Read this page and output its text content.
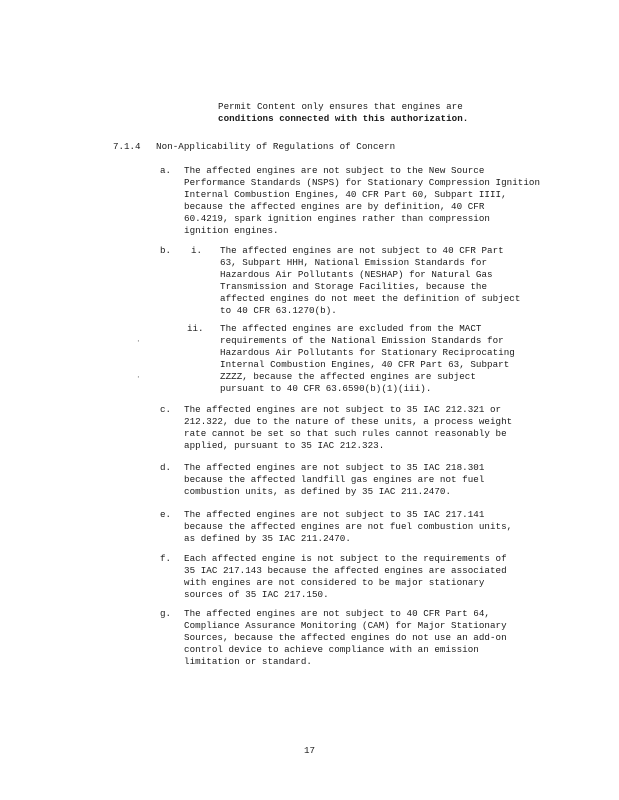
Permit Content only ensures that engines are
conditions connected with this authorization.
7.1.4 Non-Applicability of Regulations of Concern
a. The affected engines are not subject to the New Source
Performance Standards (NSPS) for Stationary Compression Ignition
Internal Combustion Engines, 40 CFR Part 60, Subpart IIII,
because the affected engines are by definition, 40 CFR
60.4219, spark ignition engines rather than compression
ignition engines.
b. i. The affected engines are not subject to 40 CFR Part
63, Subpart HHH, National Emission Standards for
Hazardous Air Pollutants (NESHAP) for Natural Gas
Transmission and Storage Facilities, because the
affected engines do not meet the definition of subject
to 40 CFR 63.1270(b).
ii. The affected engines are excluded from the MACT
requirements of the National Emission Standards for
Hazardous Air Pollutants for Stationary Reciprocating
Internal Combustion Engines, 40 CFR Part 63, Subpart
ZZZZ, because the affected engines are subject
pursuant to 40 CFR 63.6590(b)(1)(iii).
c. The affected engines are not subject to 35 IAC 212.321 or
212.322, due to the nature of these units, a process weight
rate cannot be set so that such rules cannot reasonably be
applied, pursuant to 35 IAC 212.323.
d. The affected engines are not subject to 35 IAC 218.301
because the affected landfill gas engines are not fuel
combustion units, as defined by 35 IAC 211.2470.
e. The affected engines are not subject to 35 IAC 217.141
because the affected engines are not fuel combustion units,
as defined by 35 IAC 211.2470.
f. Each affected engine is not subject to the requirements of
35 IAC 217.143 because the affected engines are associated
with engines are not considered to be major stationary
sources of 35 IAC 217.150.
g. The affected engines are not subject to 40 CFR Part 64,
Compliance Assurance Monitoring (CAM) for Major Stationary
Sources, because the affected engines do not use an add-on
control device to achieve compliance with an emission
limitation or standard.
·
·
17
